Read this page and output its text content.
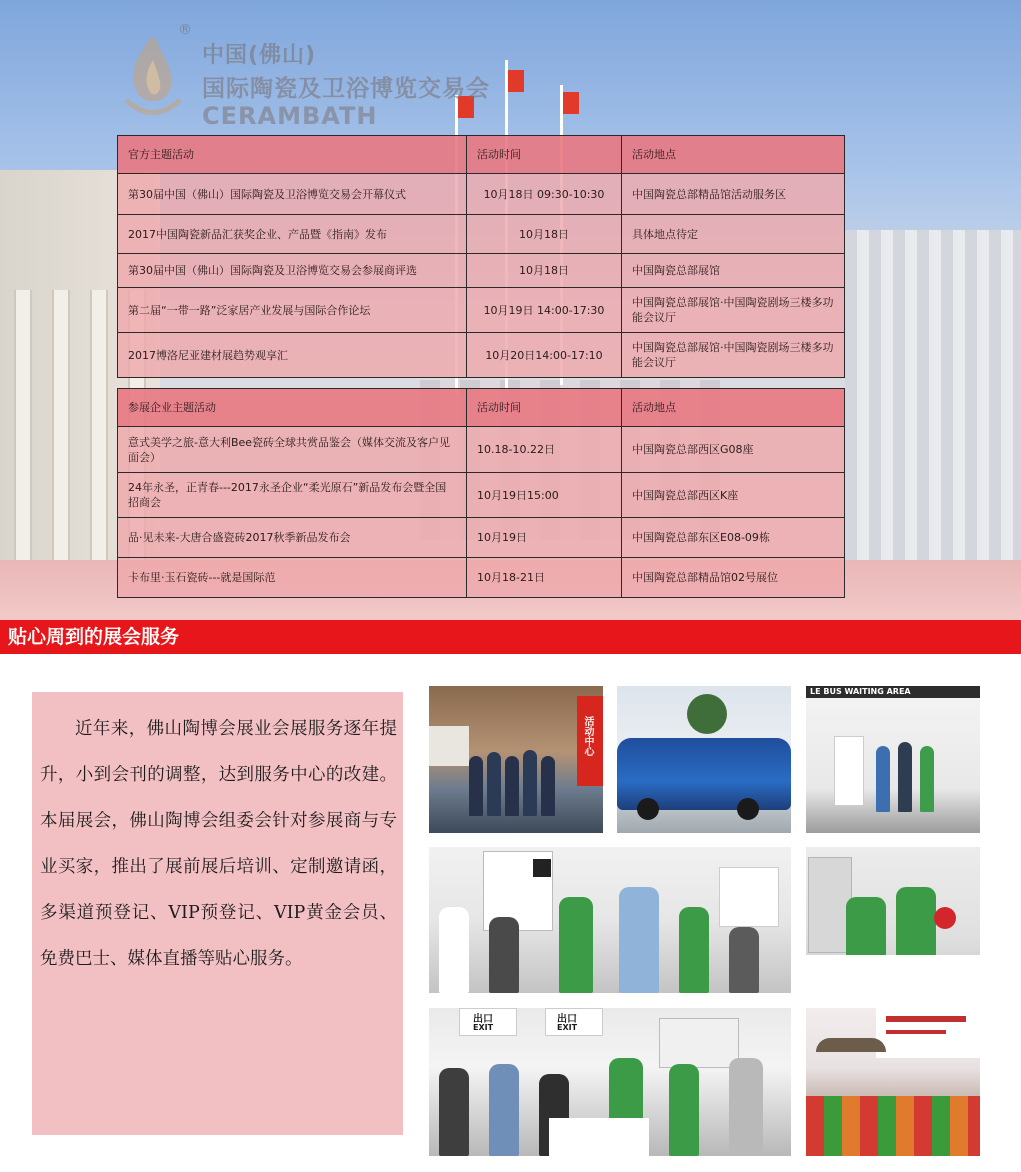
®
中国(佛山)
国际陶瓷及卫浴博览交易会
CERAMBATH
官方主题活动	活动时间	活动地点
第30届中国（佛山）国际陶瓷及卫浴博览交易会开幕仪式	10月18日 09:30-10:30	中国陶瓷总部精品馆活动服务区
2017中国陶瓷新品汇获奖企业、产品暨《指南》发布	10月18日	具体地点待定
第30届中国（佛山）国际陶瓷及卫浴博览交易会参展商评选	10月18日	中国陶瓷总部展馆
第二届“一带一路”泛家居产业发展与国际合作论坛	10月19日 14:00-17:30	中国陶瓷总部展馆·中国陶瓷剧场三楼多功能会议厅
2017博洛尼亚建材展趋势观享汇	10月20日14:00-17:10	中国陶瓷总部展馆·中国陶瓷剧场三楼多功能会议厅
参展企业主题活动	活动时间	活动地点
意式美学之旅-意大利Bee瓷砖全球共赏品鉴会（媒体交流及客户见面会）	10.18-10.22日	中国陶瓷总部西区G08座
24年永圣，正青春---2017永圣企业“柔光原石”新品发布会暨全国招商会	10月19日15:00	中国陶瓷总部西区K座
品·见未来-大唐合盛瓷砖2017秋季新品发布会	10月19日	中国陶瓷总部东区E08-09栋
卡布里·玉石瓷砖---就是国际范	10月18-21日	中国陶瓷总部精品馆02号展位
贴心周到的展会服务

近年来，佛山陶博会展业会展服务逐年提升，小到会刊的调整，达到服务中心的改建。本届展会，佛山陶博会组委会针对参展商与专业买家，推出了展前展后培训、定制邀请函，多渠道预登记、VIP预登记、VIP黄金会员、免费巴士、媒体直播等贴心服务。

活动中心
LE BUS WAITING AREA
出口
EXIT
出口
EXIT
